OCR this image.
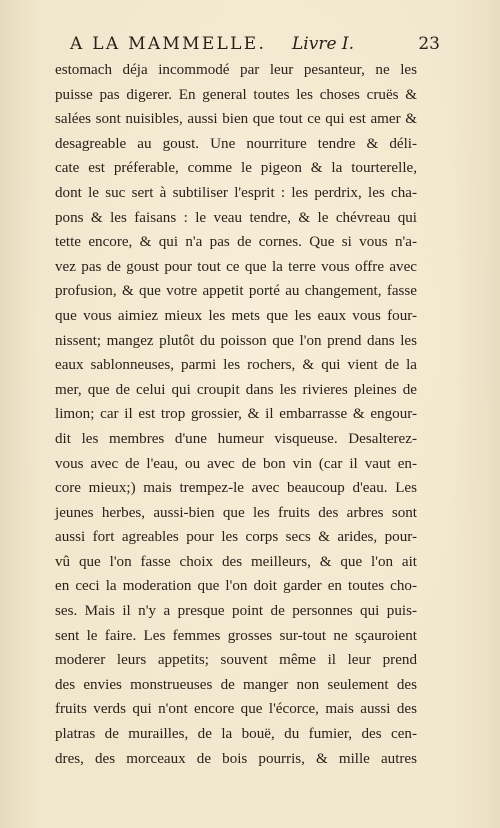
A LA MAMMELLE. Livre I.	23
estomach déja incommodé par leur pesanteur, ne les
puisse pas digerer. En general toutes les choses cruës &
salées sont nuisibles, aussi bien que tout ce qui est amer &
desagreable au goust. Une nourriture tendre & déli-
cate est préferable, comme le pigeon & la tourterelle,
dont le suc sert à subtiliser l'esprit : les perdrix, les cha-
pons & les faisans : le veau tendre, & le chévreau qui
tette encore, & qui n'a pas de cornes. Que si vous n'a-
vez pas de goust pour tout ce que la terre vous offre avec
profusion, & que votre appetit porté au changement, fasse
que vous aimiez mieux les mets que les eaux vous four-
nissent; mangez plutôt du poisson que l'on prend dans les
eaux sablonneuses, parmi les rochers, & qui vient de la
mer, que de celui qui croupit dans les rivieres pleines de
limon; car il est trop grossier, & il embarrasse & engour-
dit les membres d'une humeur visqueuse. Desalterez-
vous avec de l'eau, ou avec de bon vin (car il vaut en-
core mieux;) mais trempez-le avec beaucoup d'eau. Les
jeunes herbes, aussi-bien que les fruits des arbres sont
aussi fort agreables pour les corps secs & arides, pour-
vû que l'on fasse choix des meilleurs, & que l'on ait
en ceci la moderation que l'on doit garder en toutes cho-
ses. Mais il n'y a presque point de personnes qui puis-
sent le faire. Les femmes grosses sur-tout ne sçauroient
moderer leurs appetits; souvent même il leur prend
des envies monstrueuses de manger non seulement des
fruits verds qui n'ont encore que l'écorce, mais aussi des
platras de murailles, de la bouë, du fumier, des cen-
dres, des morceaux de bois pourris, & mille autres
